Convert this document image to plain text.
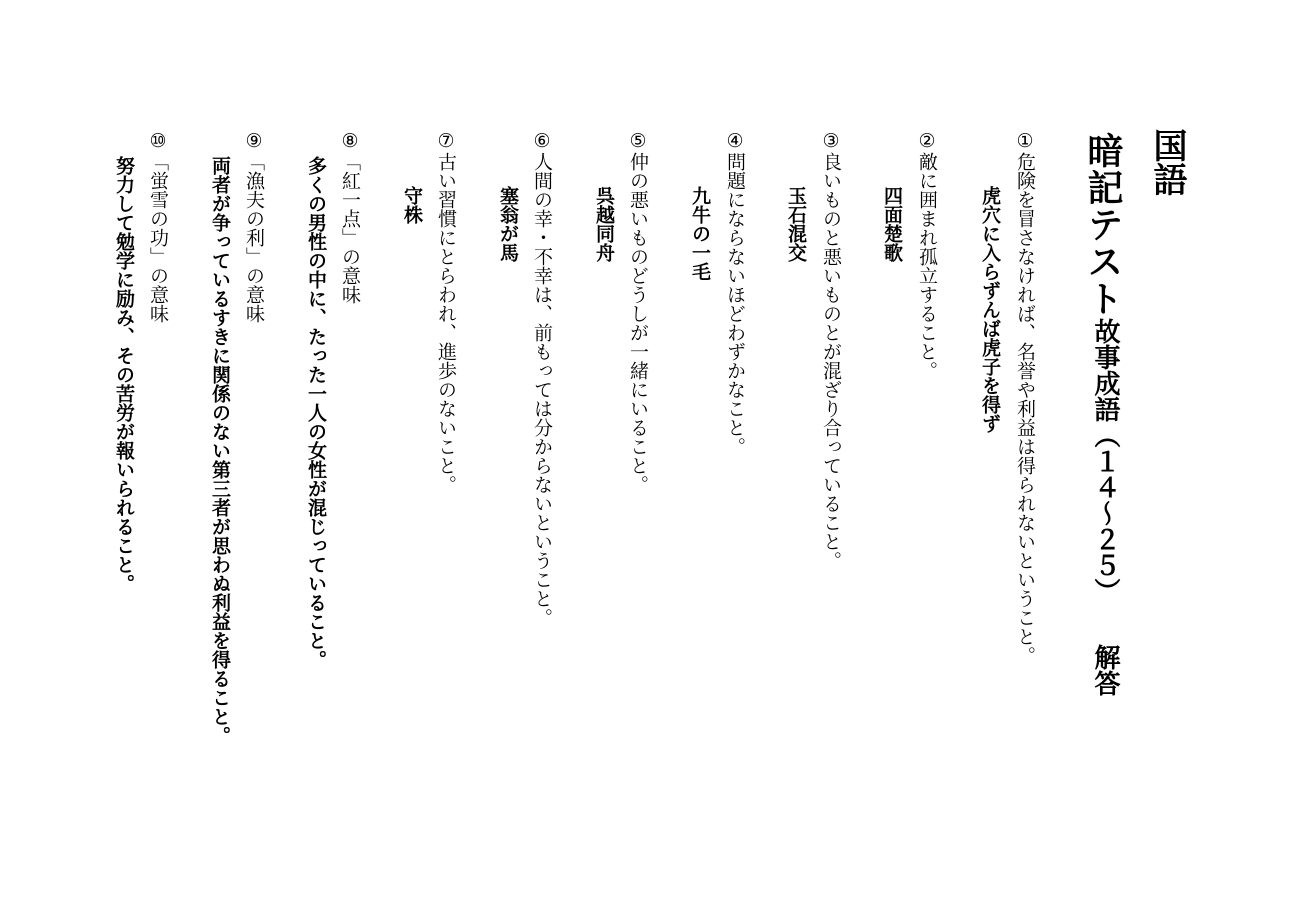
国語
暗記テスト
故事成語（１４～２５）
解答
①危険を冒さなければ、名誉や利益は得られないということ。
虎穴に入らずんば虎子を得ず
②敵に囲まれ孤立すること。
四面楚歌
③良いものと悪いものとが混ざり合っていること。
玉石混交
④問題にならないほどわずかなこと。
九牛の一毛
⑤仲の悪いものどうしが一緒にいること。
呉越同舟
⑥人間の幸・不幸は、前もっては分からないということ。
塞翁が馬
⑦古い習慣にとらわれ、進歩のないこと。
守株
⑧「紅一点」の意味
多くの男性の中に、たった一人の女性が混じっていること。
⑨「漁夫の利」の意味
両者が争っているすきに関係のない第三者が思わぬ利益を得ること。
⑩「蛍雪の功」の意味
努力して勉学に励み、その苦労が報いられること。
